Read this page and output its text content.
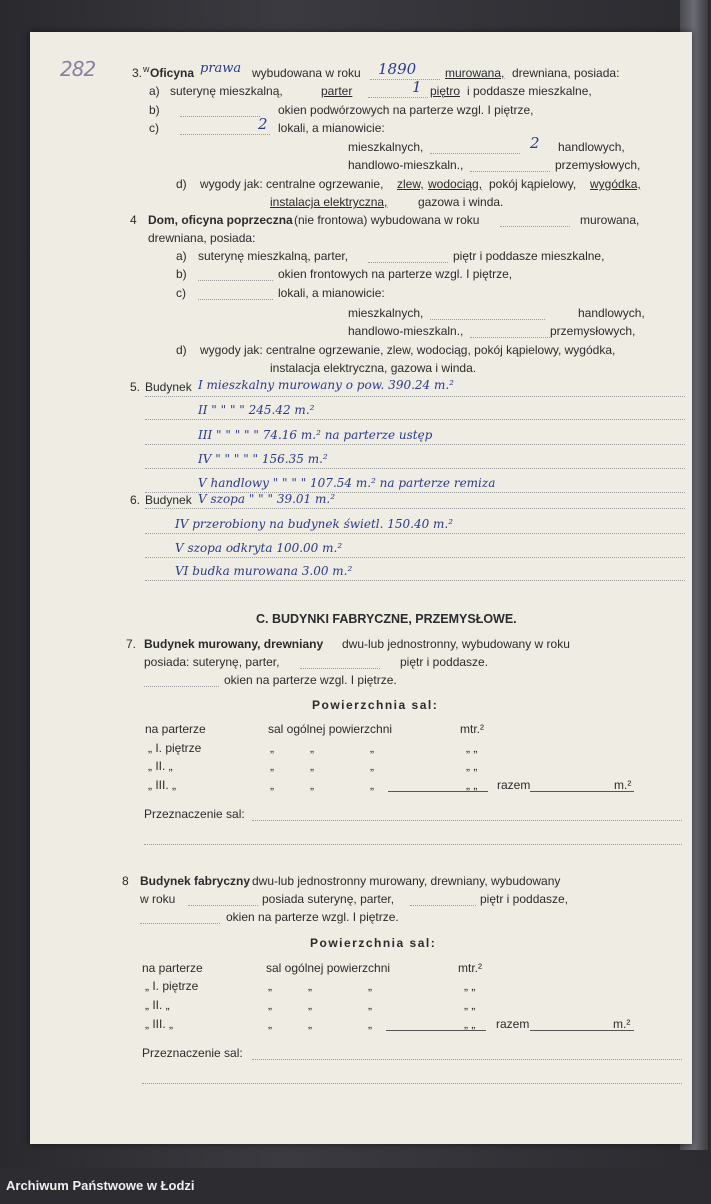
282	3. w Oficyna prawa wybudowana w roku 1890 murowana, drewniana, posiada:
a) suterynę mieszkalną,	parter	1 piętro i poddasze mieszkalne,
b)	okien podwórzowych na parterze wzgl. I piętrze,
c)	2 lokali, a mianowicie:
mieszkalnych,	2 handlowych,
handlowo-mieszkaln.,	przemysłowych,
d) wygody jak: centralne ogrzewanie, zlew, wodociąg, pokój kąpielowy, wygódka,
instalacja elektryczna,	gazowa i winda.
4 Dom, oficyna poprzeczna (nie frontowa) wybudowana w roku	murowana,
drewniana, posiada:
a) suterynę mieszkalną, parter,	piętr i poddasze mieszkalne,
b)	okien frontowych na parterze wzgl. I piętrze,
c)	lokali, a mianowicie:
mieszkalnych,	handlowych,
handlowo-mieszkaln.,	przemysłowych,
d) wygody jak: centralne ogrzewanie, zlew, wodociąg, pokój kąpielowy, wygódka,
instalacja elektryczna, gazowa i winda.
5. Budynek I mieszkalny murowany o pow. 390.24 m.²
II " " " " 245.42 m.²
III " " " " " 74.16 m.² na parterze ustęp
IV " " " " " 156.35 m.²
V handlowy " " " " 107.54 m.² na parterze remiza
6. Budynek V szopa " " " 39.01 m.²
IV przerobiony na budynek świetl. 150.40 m.²
V szopa odkryta 100.00 m.²
VI budka murowana 3.00 m.²
C. BUDYNKI FABRYCZNE, PRZEMYSŁOWE.
7. Budynek murowany, drewniany dwu-lub jednostronny, wybudowany w roku
posiada: suterynę, parter,	piętr i poddasze.
okien na parterze wzgl. I piętrze.
Powierzchnia sal:
na parterze	sal ogólnej powierzchni	mtr.²
„ I. piętrze	„	„	„	„ „
„ II. „	„	„	„	„ „
„ III. „	„	„	„	„ „ razem	m.²
Przeznaczenie sal:
8 Budynek fabryczny dwu-lub jednostronny murowany, drewniany, wybudowany
w roku	posiada suterynę, parter,	piętr i poddasze,
okien na parterze wzgl. I piętrze.
Powierzchnia sal:
na parterze	sal ogólnej powierzchni	mtr.²
„ I. piętrze	„	„	„	„ „
„ II. „	„	„	„	„ „
„ III. „	„	„	„	„ „ razem	m.²
Przeznaczenie sal:
Archiwum Państwowe w Łodzi
